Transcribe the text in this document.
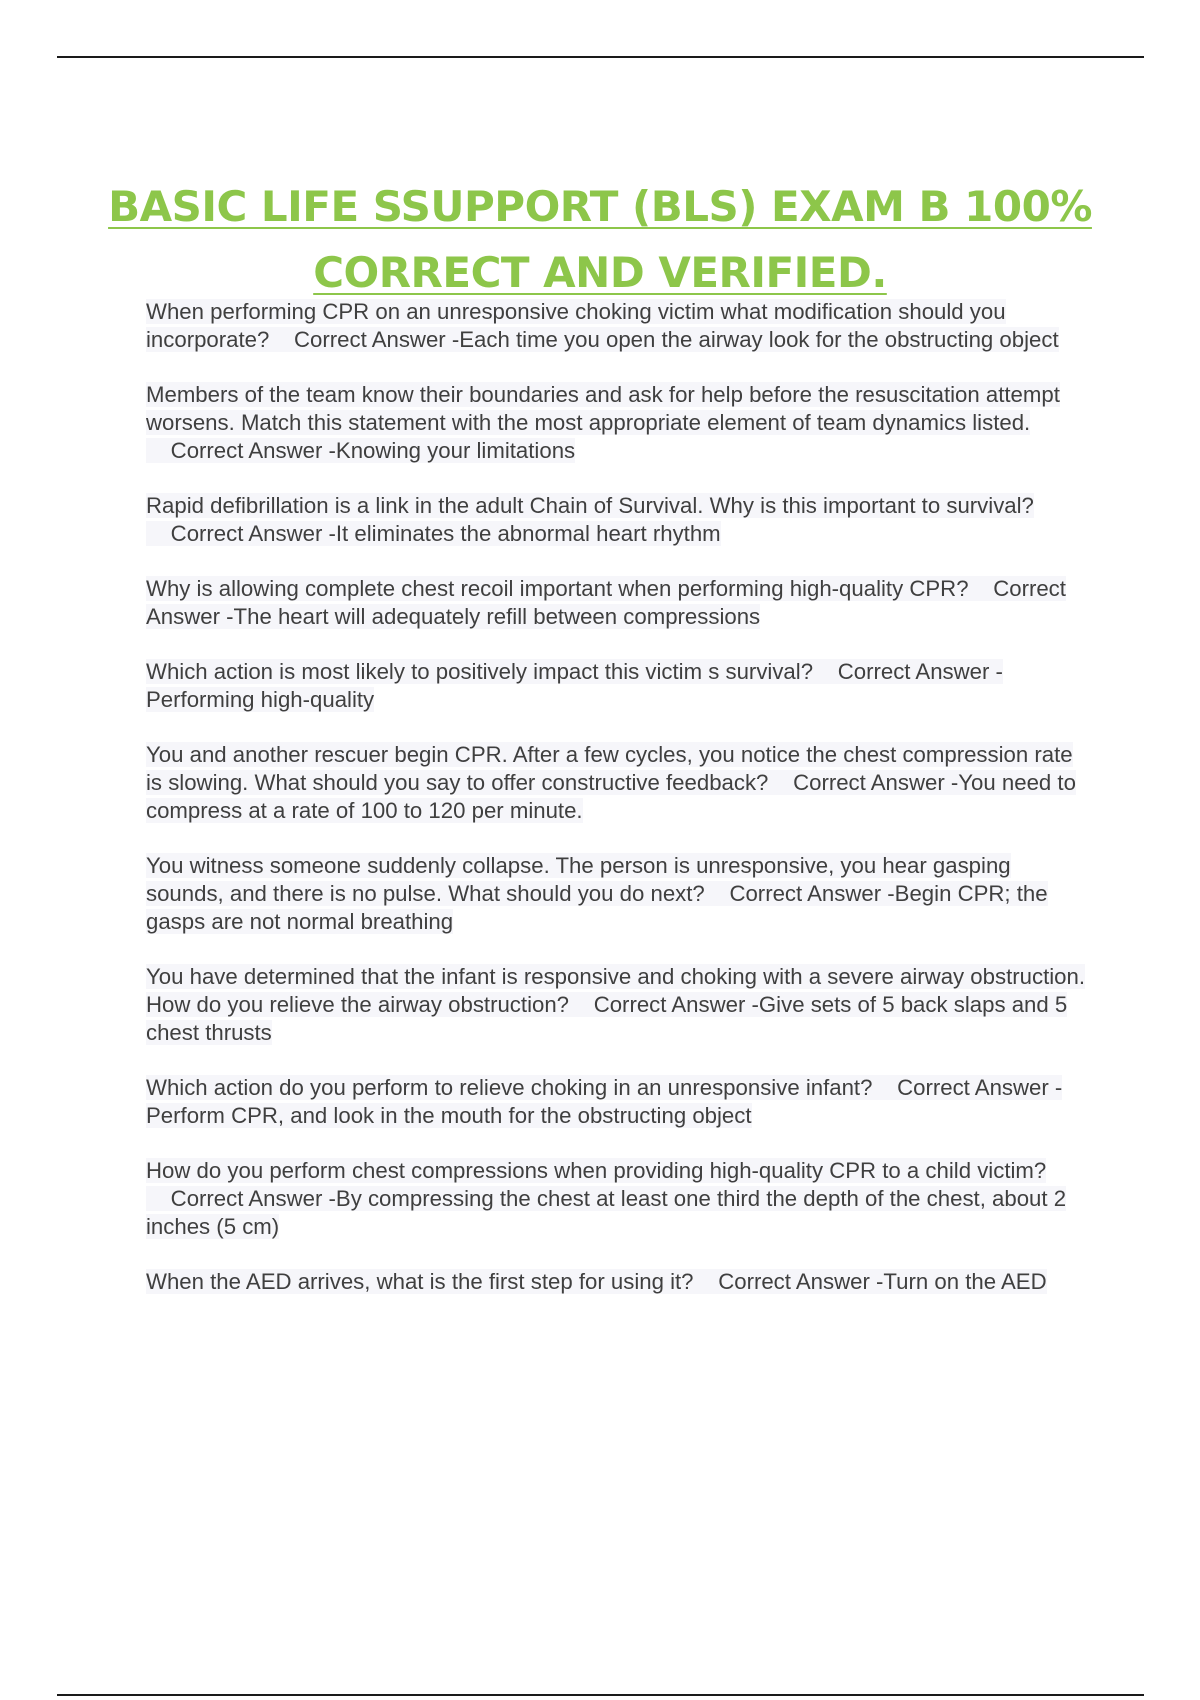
BASIC LIFE SSUPPORT (BLS) EXAM B 100%
CORRECT AND VERIFIED.
When performing CPR on an unresponsive choking victim what modification should you incorporate? Correct Answer -Each time you open the airway look for the obstructing object
Members of the team know their boundaries and ask for help before the resuscitation attempt worsens. Match this statement with the most appropriate element of team dynamics listed.    Correct Answer -Knowing your limitations
Rapid defibrillation is a link in the adult Chain of Survival. Why is this important to survival?    Correct Answer -It eliminates the abnormal heart rhythm
Why is allowing complete chest recoil important when performing high-quality CPR? Correct Answer -The heart will adequately refill between compressions
Which action is most likely to positively impact this victim s survival? Correct Answer -Performing high-quality
You and another rescuer begin CPR. After a few cycles, you notice the chest compression rate is slowing. What should you say to offer constructive feedback? Correct Answer -You need to compress at a rate of 100 to 120 per minute.
You witness someone suddenly collapse. The person is unresponsive, you hear gasping sounds, and there is no pulse. What should you do next? Correct Answer -Begin CPR; the gasps are not normal breathing
You have determined that the infant is responsive and choking with a severe airway obstruction. How do you relieve the airway obstruction? Correct Answer -Give sets of 5 back slaps and 5 chest thrusts
Which action do you perform to relieve choking in an unresponsive infant? Correct Answer -Perform CPR, and look in the mouth for the obstructing object
How do you perform chest compressions when providing high-quality CPR to a child victim?    Correct Answer -By compressing the chest at least one third the depth of the chest, about 2 inches (5 cm)
When the AED arrives, what is the first step for using it? Correct Answer -Turn on the AED
